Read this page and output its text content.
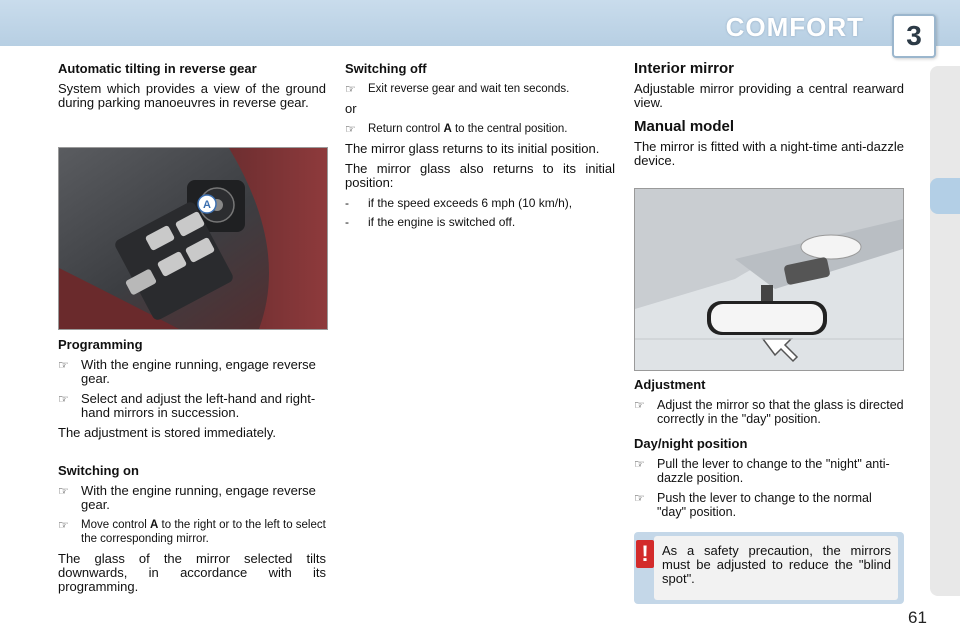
COMFORT	3
Automatic tilting in reverse gear

System which provides a view of the ground during parking manoeuvres in reverse gear.

A
Programming
☞ With the engine running, engage reverse gear.
☞ Select and adjust the left-hand and right-hand mirrors in succession.

The adjustment is stored immediately.

Switching on
☞ With the engine running, engage reverse gear.
☞ Move control A to the right or to the left to select the corresponding mirror.

The glass of the mirror selected tilts downwards, in accordance with its programming.

Switching off
☞ Exit reverse gear and wait ten seconds.

or

☞ Return control A to the central position.

The mirror glass returns to its initial position.

The mirror glass also returns to its initial position:

- if the speed exceeds 6 mph (10 km/h),
- if the engine is switched off.
Interior mirror

Adjustable mirror providing a central rearward view.

Manual model

The mirror is fitted with a night-time anti-dazzle device.

Adjustment
☞ Adjust the mirror so that the glass is directed correctly in the "day" position.
Day/night position
☞ Pull the lever to change to the "night" anti-dazzle position.
☞ Push the lever to change to the normal "day" position.
!	As a safety precaution, the mirrors must be adjusted to reduce the "blind spot".
61
